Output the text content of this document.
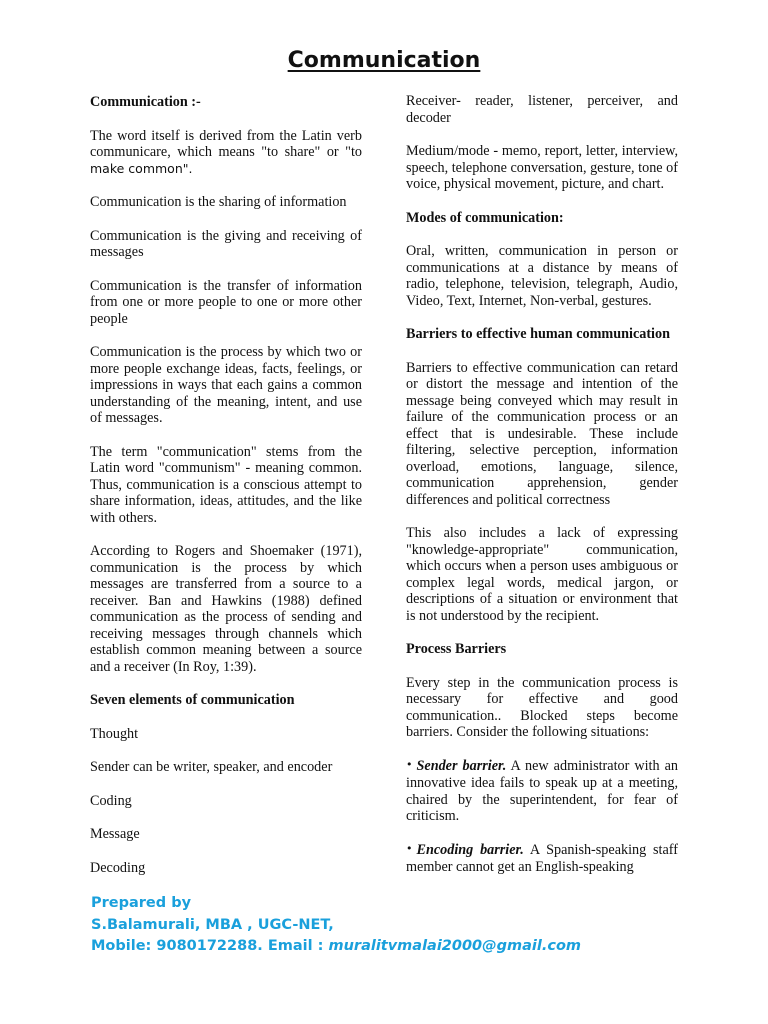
Communication

Communication :-

The word itself is derived from the Latin verb communicare, which means "to share" or "to make common".

Communication is the sharing of information

Communication is the giving and receiving of messages

Communication is the transfer of information from one or more people to one or more other people

Communication is the process by which two or more people exchange ideas, facts, feelings, or impressions in ways that each gains a common understanding of the meaning, intent, and use of messages.

The term "communication" stems from the Latin word "communism" - meaning common. Thus, communication is a conscious attempt to share information, ideas, attitudes, and the like with others.

According to Rogers and Shoemaker (1971), communication is the process by which messages are transferred from a source to a receiver. Ban and Hawkins (1988) defined communication as the process of sending and receiving messages through channels which establish common meaning between a source and a receiver (In Roy, 1:39).

Seven elements of communication

Thought

Sender can be writer, speaker, and encoder

Coding

Message

Decoding

Receiver- reader, listener, perceiver, and decoder

Medium/mode - memo, report, letter, interview, speech, telephone conversation, gesture, tone of voice, physical movement, picture, and chart.

Modes of communication:

Oral, written, communication in person or communications at a distance by means of radio, telephone, television, telegraph, Audio, Video, Text, Internet, Non-verbal, gestures.

Barriers to effective human communication

Barriers to effective communication can retard or distort the message and intention of the message being conveyed which may result in failure of the communication process or an effect that is undesirable. These include filtering, selective perception, information overload, emotions, language, silence, communication apprehension, gender differences and political correctness

This also includes a lack of expressing "knowledge-appropriate" communication, which occurs when a person uses ambiguous or complex legal words, medical jargon, or descriptions of a situation or environment that is not understood by the recipient.

Process Barriers

Every step in the communication process is necessary for effective and good communication.. Blocked steps become barriers. Consider the following situations:

• Sender barrier. A new administrator with an innovative idea fails to speak up at a meeting, chaired by the superintendent, for fear of criticism.

• Encoding barrier. A Spanish-speaking staff member cannot get an English-speaking

Prepared by
S.Balamurali, MBA , UGC-NET,
Mobile: 9080172288. Email : muralitvmalai2000@gmail.com
